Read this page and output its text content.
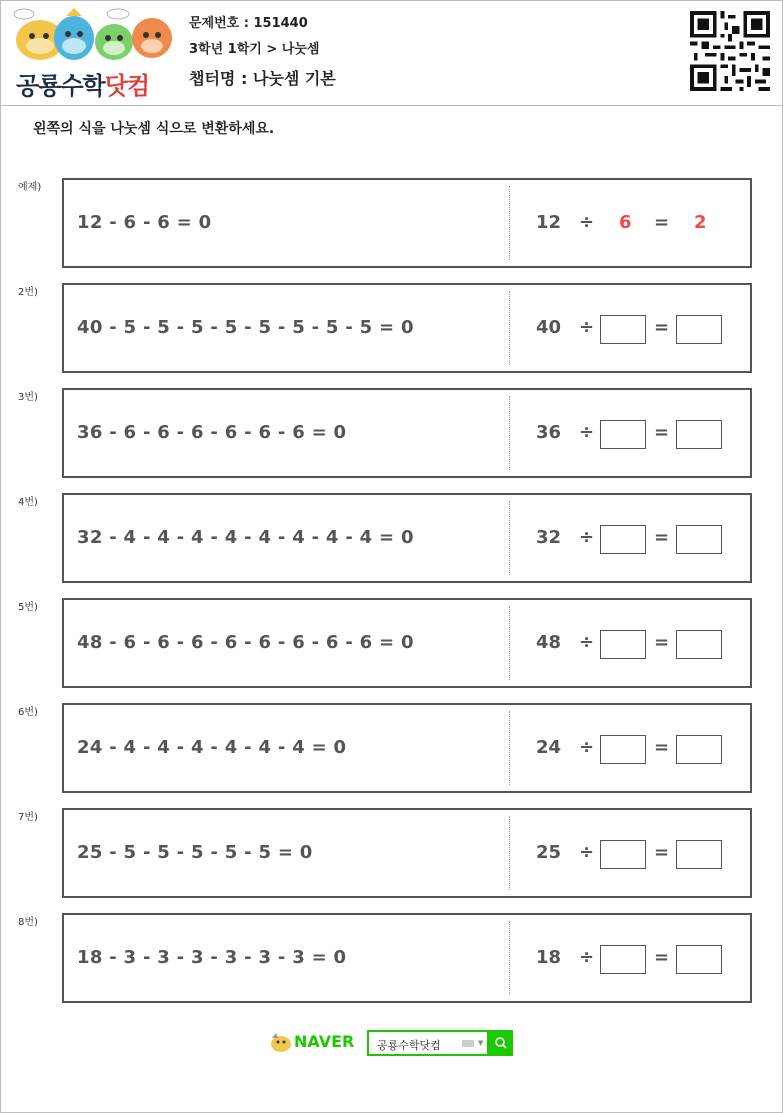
공룡수학닷컴
문제번호 : 151440
3학년 1학기 > 나눗셈
챕터명 : 나눗셈 기본
왼쪽의 식을 나눗셈 식으로 변환하세요.
예제)
12 - 6 - 6 = 0	12 ÷ 6 = 2
2번)
40 - 5 - 5 - 5 - 5 - 5 - 5 - 5 - 5 = 0	40 ÷	=
3번)
36 - 6 - 6 - 6 - 6 - 6 - 6 = 0	36 ÷	=
4번)
32 - 4 - 4 - 4 - 4 - 4 - 4 - 4 - 4 = 0	32 ÷	=
5번)
48 - 6 - 6 - 6 - 6 - 6 - 6 - 6 - 6 = 0	48 ÷	=
6번)
24 - 4 - 4 - 4 - 4 - 4 - 4 = 0	24 ÷	=
7번)
25 - 5 - 5 - 5 - 5 - 5 = 0	25 ÷	=
8번)
18 - 3 - 3 - 3 - 3 - 3 - 3 = 0	18 ÷	=
NAVER 공룡수학닷컴	▼
